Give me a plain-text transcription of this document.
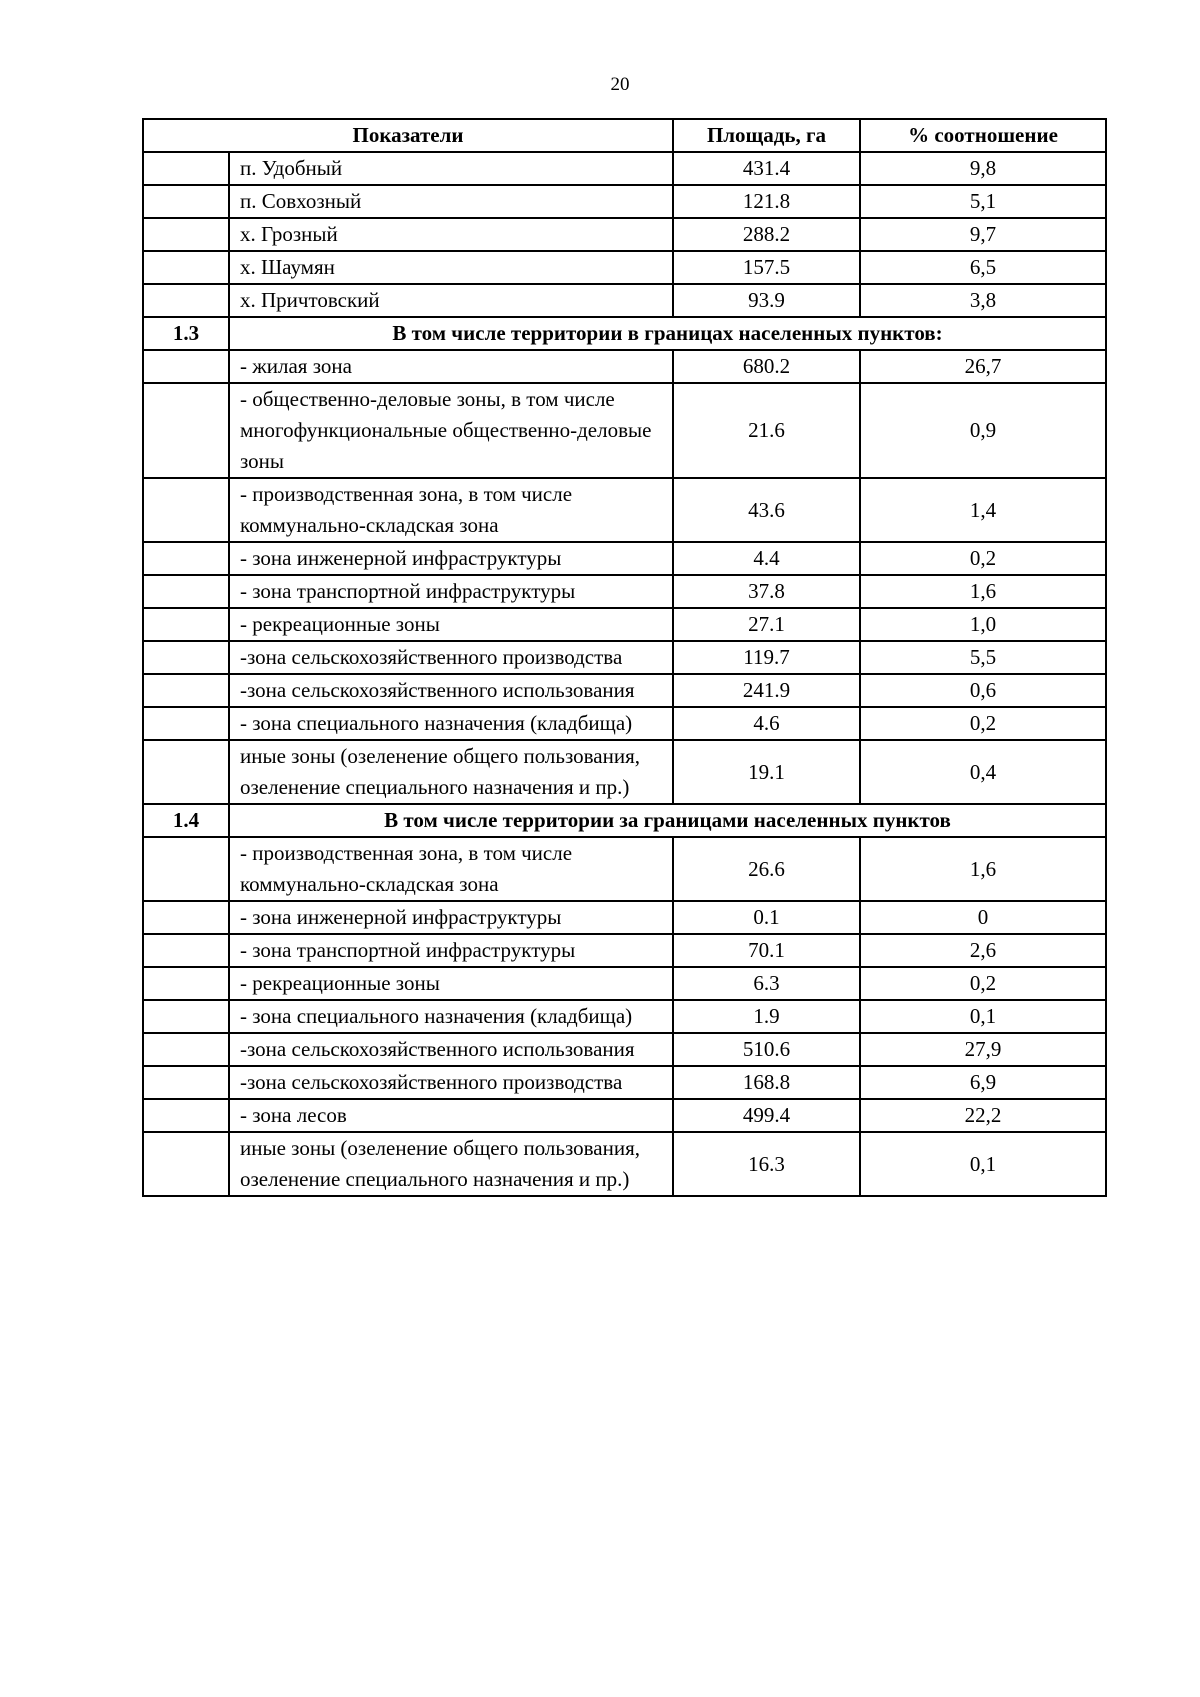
20
Показатели		Площадь, га	% соотношение
	п. Удобный	431.4	9,8
	п. Совхозный	121.8	5,1
	х. Грозный	288.2	9,7
	х. Шаумян	157.5	6,5
	х. Причтовский	93.9	3,8
1.3	В том числе территории в границах населенных пунктов:		
	- жилая зона	680.2	26,7
	- общественно-деловые зоны, в том числе многофункциональные общественно-деловые зоны	21.6	0,9
	- производственная зона, в том числе коммунально-складская зона	43.6	1,4
	- зона инженерной инфраструктуры	4.4	0,2
	- зона транспортной инфраструктуры	37.8	1,6
	- рекреационные зоны	27.1	1,0
	-зона сельскохозяйственного производства	119.7	5,5
	-зона сельскохозяйственного использования	241.9	0,6
	- зона специального назначения (кладбища)	4.6	0,2
	иные зоны (озеленение общего пользования, озеленение специального назначения и пр.)	19.1	0,4
1.4	В том числе территории за границами населенных пунктов		
	- производственная зона, в том числе коммунально-складская зона	26.6	1,6
	- зона инженерной инфраструктуры	0.1	0
	- зона транспортной инфраструктуры	70.1	2,6
	- рекреационные зоны	6.3	0,2
	- зона специального назначения (кладбища)	1.9	0,1
	-зона сельскохозяйственного использования	510.6	27,9
	-зона сельскохозяйственного производства	168.8	6,9
	- зона лесов	499.4	22,2
	иные зоны (озеленение общего пользования, озеленение специального назначения и пр.)	16.3	0,1
